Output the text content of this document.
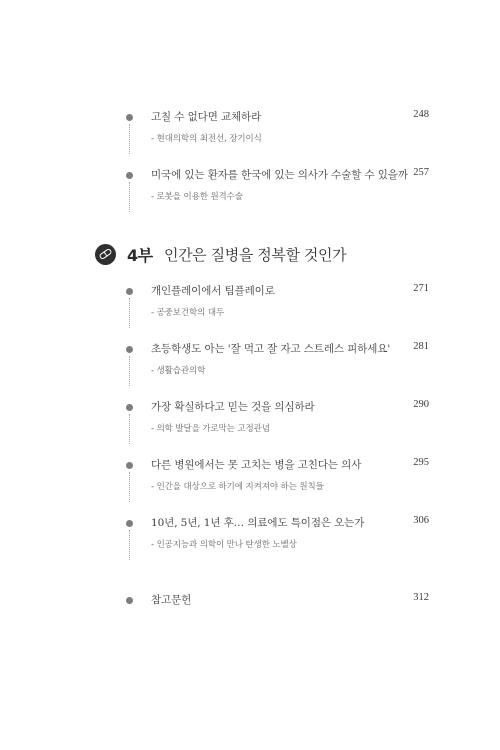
고칠 수 없다면 교체하라	248
- 현대의학의 최전선, 장기이식
미국에 있는 환자를 한국에 있는 의사가 수술할 수 있을까 257
- 로봇을 이용한 원격수술
4부 인간은 질병을 정복할 것인가
개인플레이에서 팀플레이로	271
- 공중보건학의 대두
초등학생도 아는 '잘 먹고 잘 자고 스트레스 피하세요' 281
- 생활습관의학
가장 확실하다고 믿는 것을 의심하라	290
- 의학 발달을 가로막는 고정관념
다른 병원에서는 못 고치는 병을 고친다는 의사	295
- 인간을 대상으로 하기에 지켜져야 하는 원칙들
10년, 5년, 1년 후… 의료에도 특이점은 오는가	306
- 인공지능과 의학이 만나 탄생한 노벨상
참고문헌	312
